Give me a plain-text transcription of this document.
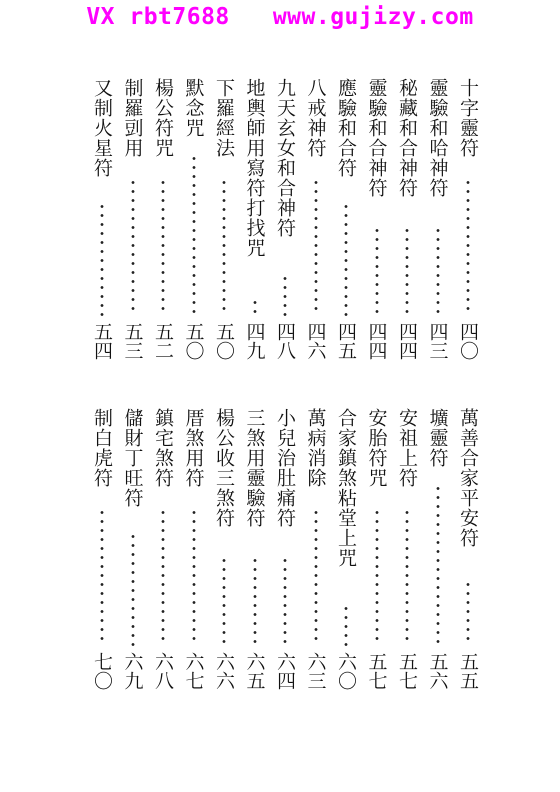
VX rbt7688   www.gujizy.com
十字靈符
四〇
靈驗和哈神符
四三
秘藏和合神符
四四
靈驗和合神符
四四
應驗和合符
四五
八戒神符
四六
九天玄女和合神符
四八
地輿師用寫符打找咒
四九
下羅經法
五〇
默念咒
五〇
楊公符咒
五二
制羅剅用
五三
又制火星符
五四
萬善合家平安符
五五
壙靈符
五六
安祖上符
五七
安胎符咒
五七
合家鎮煞粘堂上咒
六〇
萬病消除
六三
小兒治肚痛符
六四
三煞用靈驗符
六五
楊公收三煞符
六六
厝煞用符
六七
鎮宅煞符
六八
儲財丁旺符
六九
制白虎符
七〇
